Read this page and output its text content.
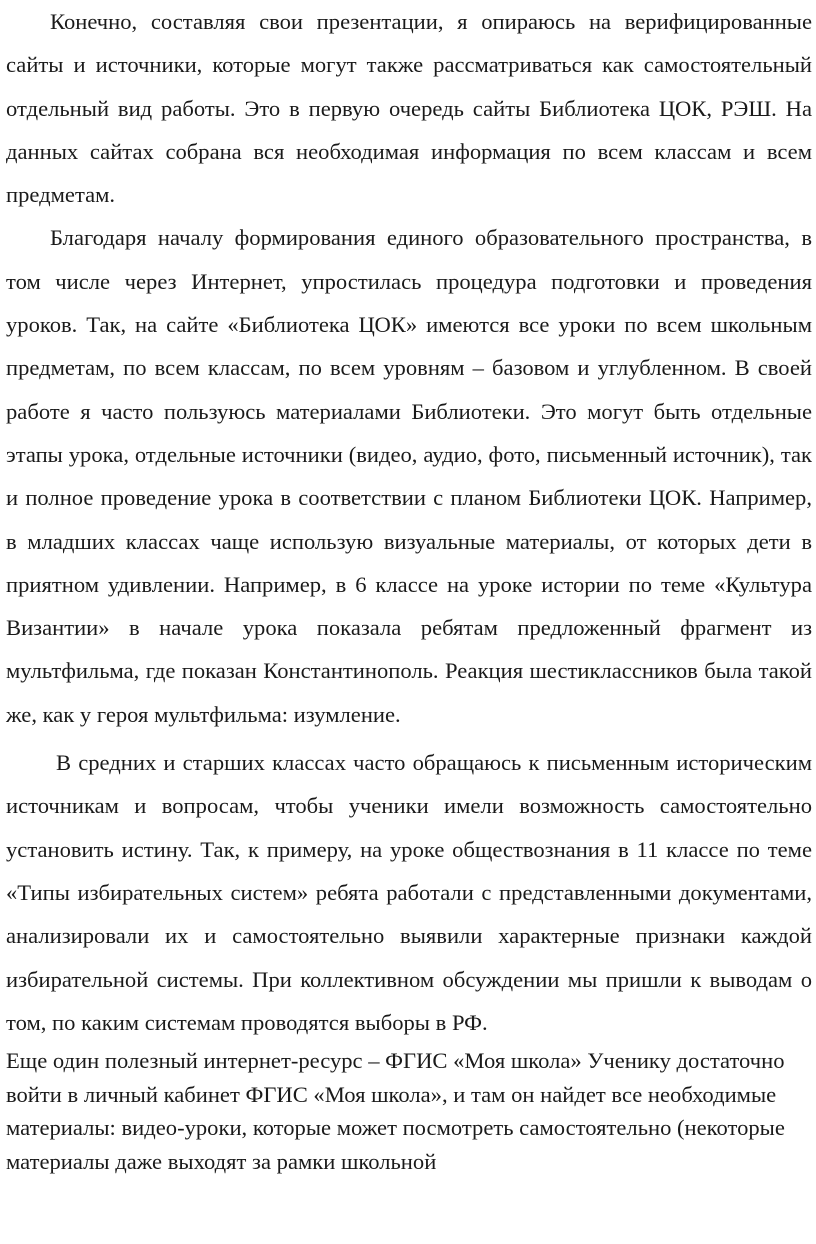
Конечно, составляя свои презентации, я опираюсь на верифицированные сайты и источники, которые могут также рассматриваться как самостоятельный отдельный вид работы. Это в первую очередь сайты Библиотека ЦОК, РЭШ. На данных сайтах собрана вся необходимая информация по всем классам и всем предметам.

Благодаря началу формирования единого образовательного пространства, в том числе через Интернет, упростилась процедура подготовки и проведения уроков. Так, на сайте «Библиотека ЦОК» имеются все уроки по всем школьным предметам, по всем классам, по всем уровням – базовом и углубленном. В своей работе я часто пользуюсь материалами Библиотеки. Это могут быть отдельные этапы урока, отдельные источники (видео, аудио, фото, письменный источник), так и полное проведение урока в соответствии с планом Библиотеки ЦОК. Например, в младших классах чаще использую визуальные материалы, от которых дети в приятном удивлении. Например, в 6 классе на уроке истории по теме «Культура Византии» в начале урока показала ребятам предложенный фрагмент из мультфильма, где показан Константинополь. Реакция шестиклассников была такой же, как у героя мультфильма: изумление.

В средних и старших классах часто обращаюсь к письменным историческим источникам и вопросам, чтобы ученики имели возможность самостоятельно установить истину. Так, к примеру, на уроке обществознания в 11 классе по теме «Типы избирательных систем» ребята работали с представленными документами, анализировали их и самостоятельно выявили характерные признаки каждой избирательной системы. При коллективном обсуждении мы пришли к выводам о том, по каким системам проводятся выборы в РФ.

Еще один полезный интернет-ресурс – ФГИС «Моя школа» Ученику достаточно войти в личный кабинет ФГИС «Моя школа», и там он найдет все необходимые материалы: видео-уроки, которые может посмотреть самостоятельно (некоторые материалы даже выходят за рамки школьной
